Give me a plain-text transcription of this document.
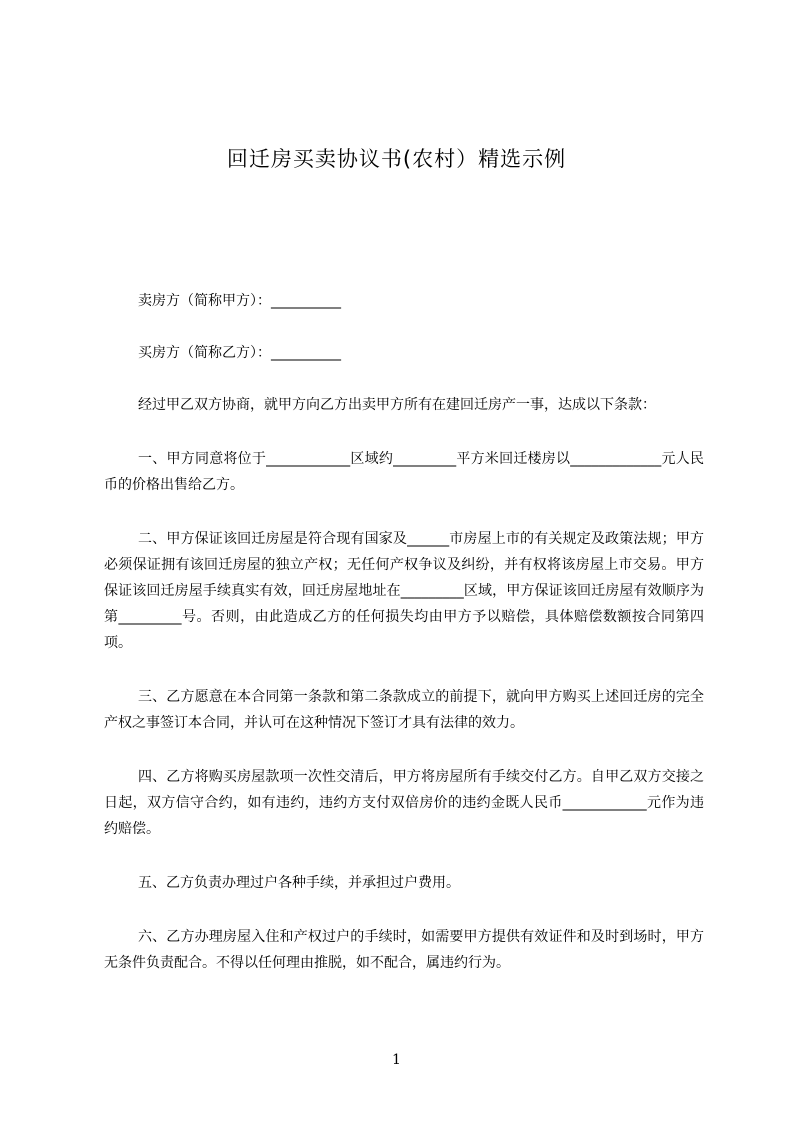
回迁房买卖协议书(农村）精选示例

卖房方（简称甲方）：__________

买房方（简称乙方）：__________

经过甲乙双方协商，就甲方向乙方出卖甲方所有在建回迁房产一事，达成以下条款：

一、甲方同意将位于____________区域约_________平方米回迁楼房以_____________元人民币的价格出售给乙方。

二、甲方保证该回迁房屋是符合现有国家及______市房屋上市的有关规定及政策法规；甲方必须保证拥有该回迁房屋的独立产权；无任何产权争议及纠纷，并有权将该房屋上市交易。甲方保证该回迁房屋手续真实有效，回迁房屋地址在_________区域，甲方保证该回迁房屋有效顺序为第_________号。否则，由此造成乙方的任何损失均由甲方予以赔偿，具体赔偿数额按合同第四项。

三、乙方愿意在本合同第一条款和第二条款成立的前提下，就向甲方购买上述回迁房的完全产权之事签订本合同，并认可在这种情况下签订才具有法律的效力。

四、乙方将购买房屋款项一次性交清后，甲方将房屋所有手续交付乙方。自甲乙双方交接之日起，双方信守合约，如有违约，违约方支付双倍房价的违约金既人民币____________元作为违约赔偿。

五、乙方负责办理过户各种手续，并承担过户费用。

六、乙方办理房屋入住和产权过户的手续时，如需要甲方提供有效证件和及时到场时，甲方无条件负责配合。不得以任何理由推脱，如不配合，属违约行为。

1
